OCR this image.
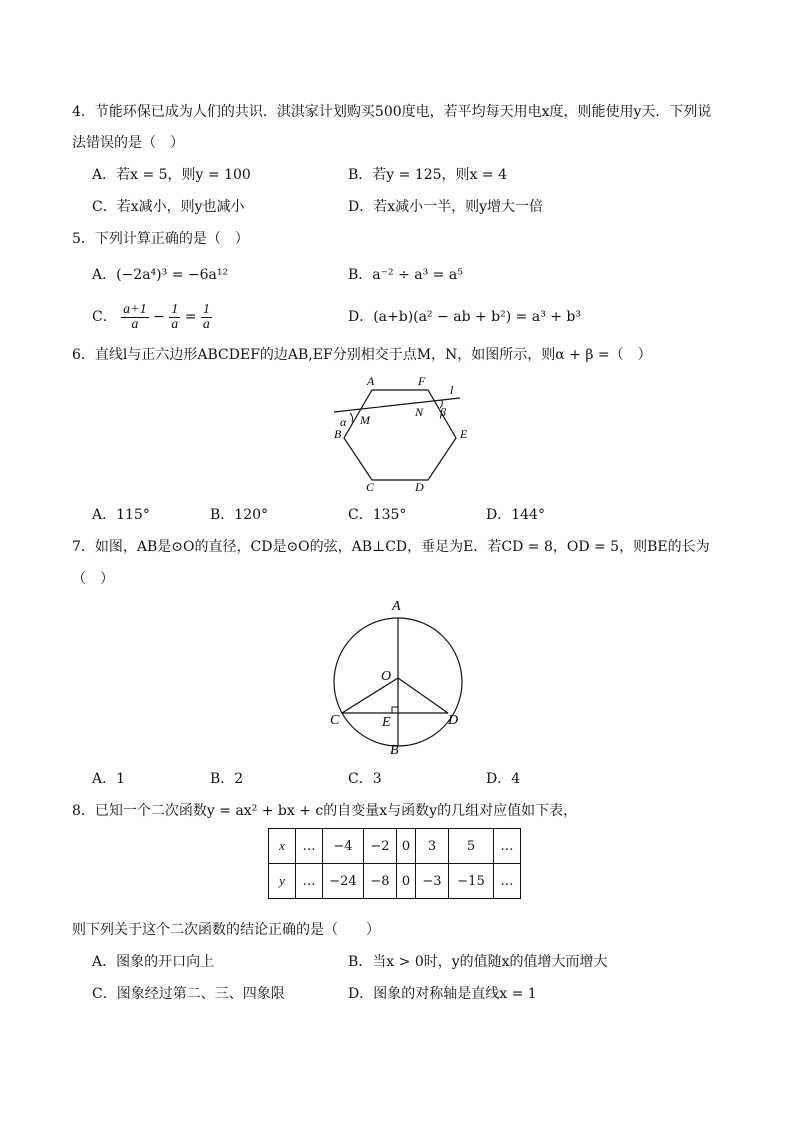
4．节能环保已成为人们的共识．淇淇家计划购买500度电，若平均每天用电x度，则能使用y天．下列说
法错误的是（　）
A．若x = 5，则y = 100	B．若y = 125，则x = 4
C．若x减小，则y也减小	D．若x减小一半，则y增大一倍
5．下列计算正确的是（　）
A．(−2a⁴)³ = −6a¹²	B．a⁻² ÷ a³ = a⁵
C． $\frac{a+1}{a} - \frac{1}{a} = \frac{1}{a}$	D．(a+b)(a² − ab + b²) = a³ + b³
6．直线l与正六边形ABCDEF的边AB,EF分别相交于点M，N，如图所示，则α + β =（　）
A	F
l
M
N
α
β
B	E
C	D
A．115°	B．120°	C．135°	D．144°
7．如图，AB是⊙O的直径，CD是⊙O的弦，AB⊥CD，垂足为E．若CD = 8，OD = 5，则BE的长为
（　）
A
O
C	E	D
B
A．1	B．2	C．3	D．4
8．已知一个二次函数y = ax² + bx + c的自变量x与函数y的几组对应值如下表，
x	…	−4	−2	0	3	5	…
y	…	−24	−8	0	−3	−15	…
则下列关于这个二次函数的结论正确的是（　　）
A．图象的开口向上	B．当x > 0时，y的值随x的值增大而增大
C．图象经过第二、三、四象限	D．图象的对称轴是直线x = 1
